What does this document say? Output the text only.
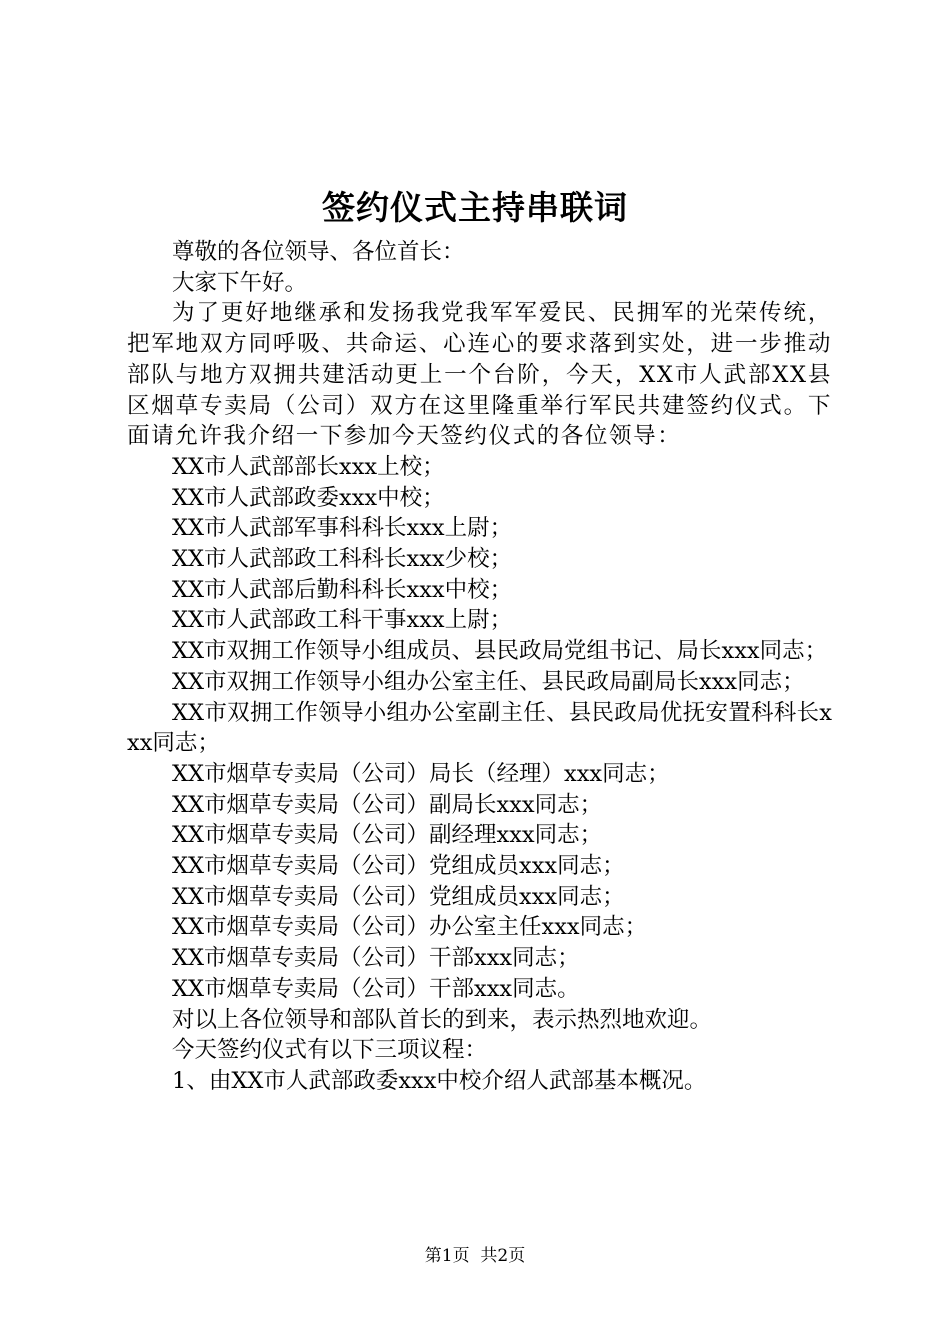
签约仪式主持串联词

尊敬的各位领导、各位首长：

大家下午好。

为了更好地继承和发扬我党我军军爱民、民拥军的光荣传统，把军地双方同呼吸、共命运、心连心的要求落到实处，进一步推动部队与地方双拥共建活动更上一个台阶，今天，XX市人武部XX县区烟草专卖局（公司）双方在这里隆重举行军民共建签约仪式。下面请允许我介绍一下参加今天签约仪式的各位领导：

XX市人武部部长xxx上校；

XX市人武部政委xxx中校；

XX市人武部军事科科长xxx上尉；

XX市人武部政工科科长xxx少校；

XX市人武部后勤科科长xxx中校；

XX市人武部政工科干事xxx上尉；

XX市双拥工作领导小组成员、县民政局党组书记、局长xxx同志；

XX市双拥工作领导小组办公室主任、县民政局副局长xxx同志；

XX市双拥工作领导小组办公室副主任、县民政局优抚安置科科长xxx同志；

XX市烟草专卖局（公司）局长（经理）xxx同志；

XX市烟草专卖局（公司）副局长xxx同志；

XX市烟草专卖局（公司）副经理xxx同志；

XX市烟草专卖局（公司）党组成员xxx同志；

XX市烟草专卖局（公司）党组成员xxx同志；

XX市烟草专卖局（公司）办公室主任xxx同志；

XX市烟草专卖局（公司）干部xxx同志；

XX市烟草专卖局（公司）干部xxx同志。

对以上各位领导和部队首长的到来，表示热烈地欢迎。

今天签约仪式有以下三项议程：

1、由XX市人武部政委xxx中校介绍人武部基本概况。

第1页  共2页
